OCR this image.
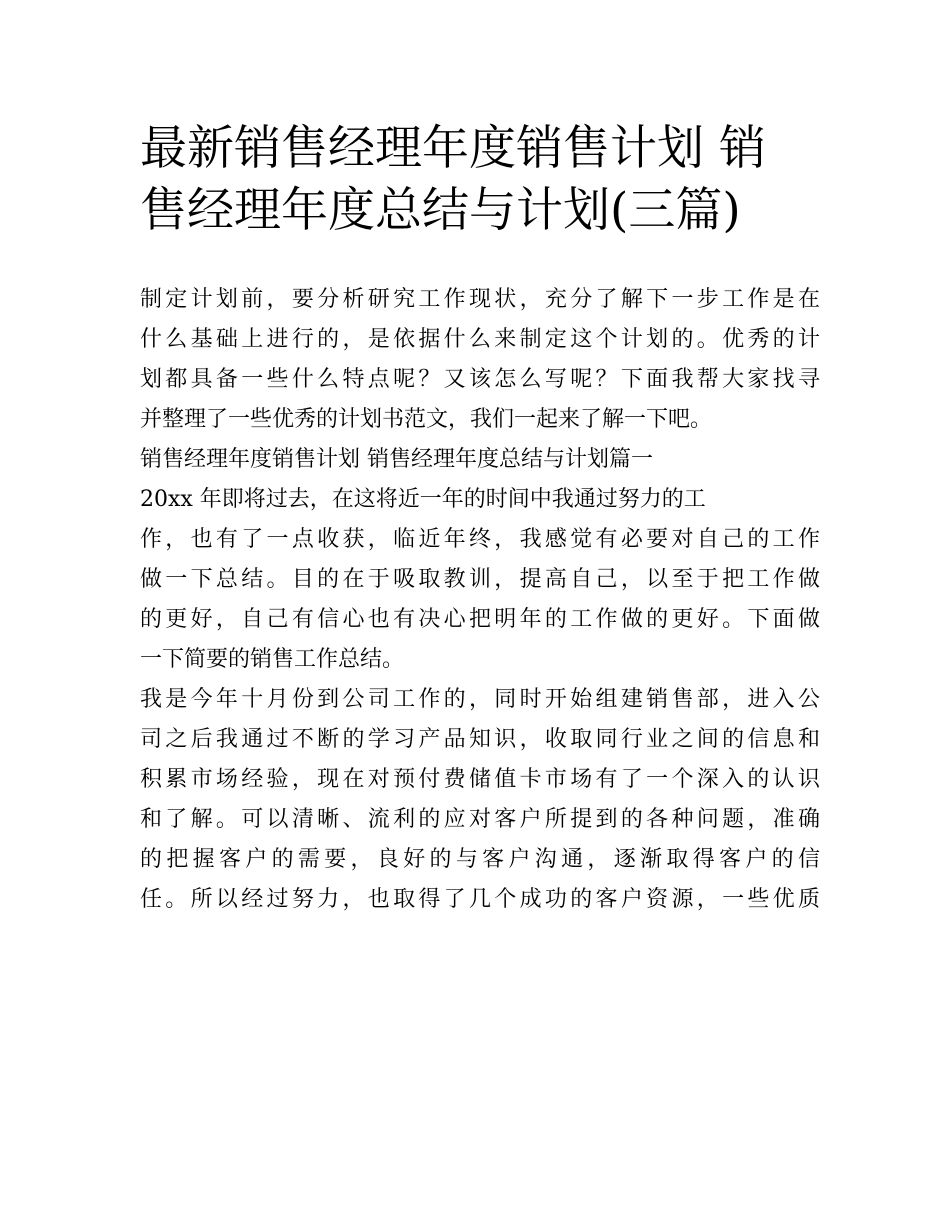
最新销售经理年度销售计划 销
售经理年度总结与计划(三篇)
制定计划前，要分析研究工作现状，充分了解下一步工作是在
什么基础上进行的，是依据什么来制定这个计划的。优秀的计
划都具备一些什么特点呢？又该怎么写呢？下面我帮大家找寻
并整理了一些优秀的计划书范文，我们一起来了解一下吧。
销售经理年度销售计划 销售经理年度总结与计划篇一
20xx 年即将过去，在这将近一年的时间中我通过努力的工
作，也有了一点收获，临近年终，我感觉有必要对自己的工作
做一下总结。目的在于吸取教训，提高自己，以至于把工作做
的更好，自己有信心也有决心把明年的工作做的更好。下面做
一下简要的销售工作总结。
我是今年十月份到公司工作的，同时开始组建销售部，进入公
司之后我通过不断的学习产品知识，收取同行业之间的信息和
积累市场经验，现在对预付费储值卡市场有了一个深入的认识
和了解。可以清晰、流利的应对客户所提到的各种问题，准确
的把握客户的需要，良好的与客户沟通，逐渐取得客户的信
任。所以经过努力，也取得了几个成功的客户资源，一些优质
